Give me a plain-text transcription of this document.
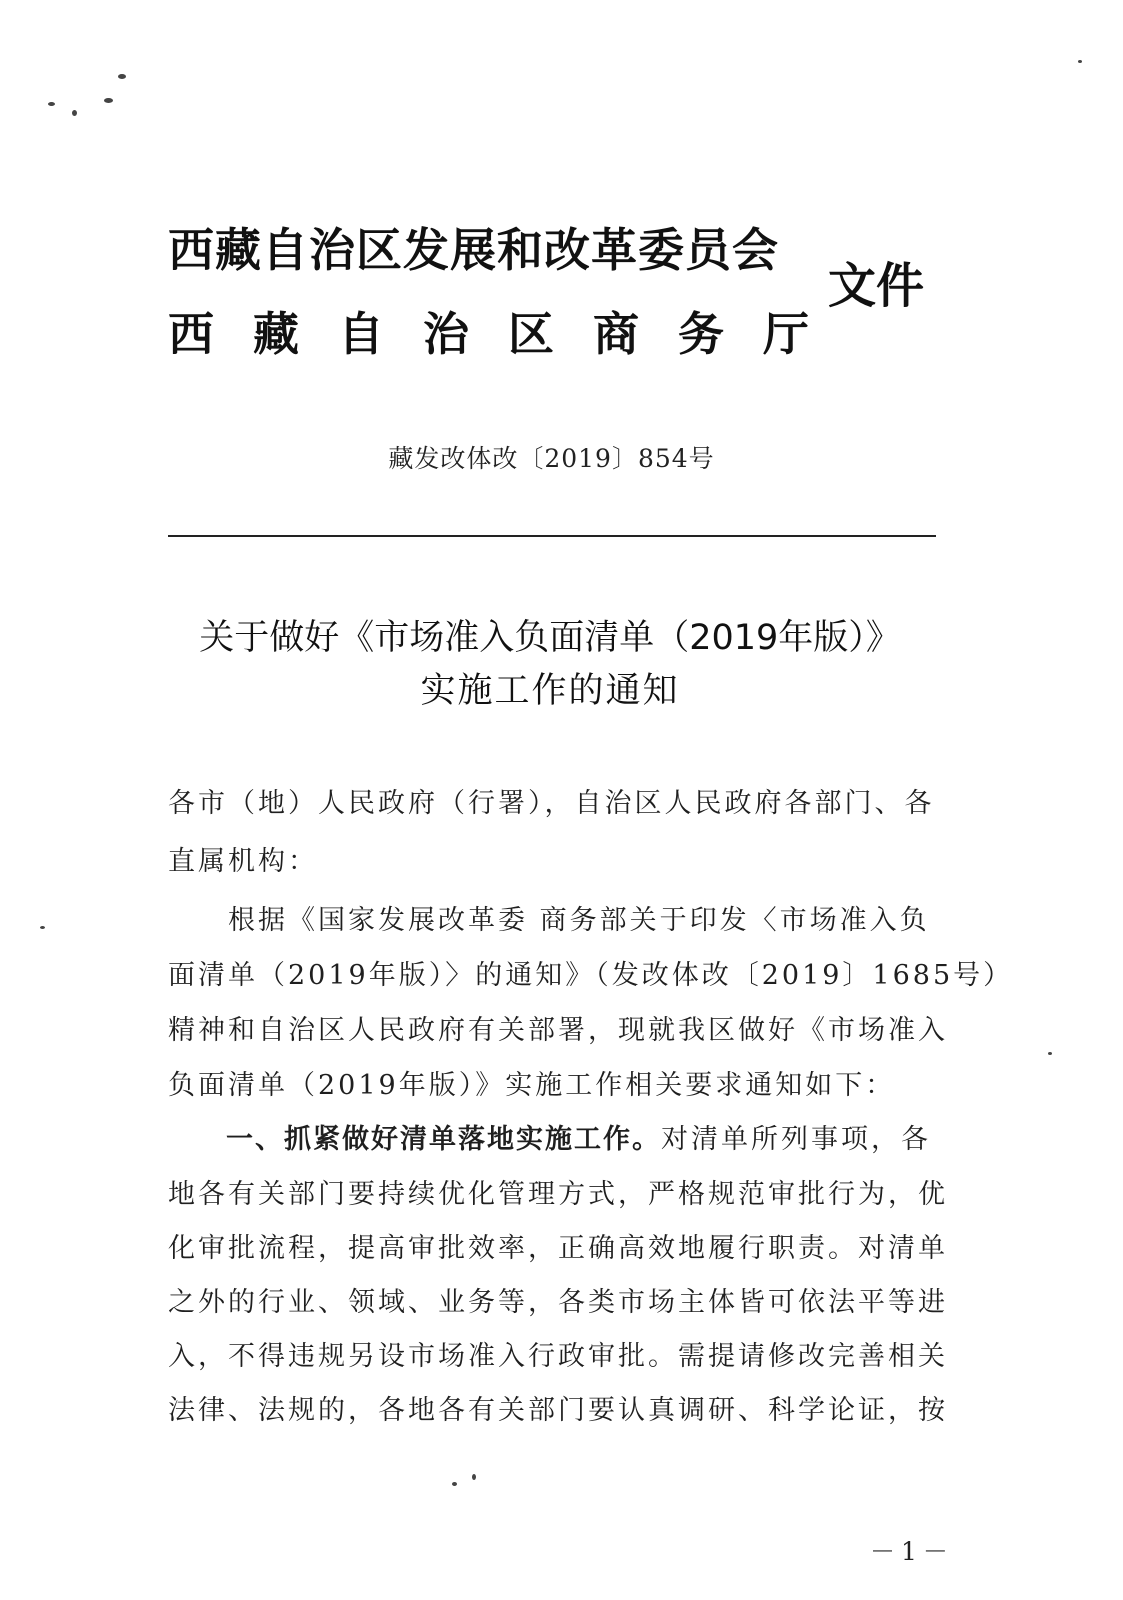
西藏自治区发展和改革委员会
西藏自治区商务厅
文件
藏发改体改〔2019〕854号
关于做好《市场准入负面清单（2019年版）》
实施工作的通知
各市（地）人民政府（行署），自治区人民政府各部门、各
直属机构：
　　根据《国家发展改革委 商务部关于印发〈市场准入负
面清单（2019年版）〉的通知》（发改体改〔2019〕1685号）
精神和自治区人民政府有关部署，现就我区做好《市场准入
负面清单（2019年版）》实施工作相关要求通知如下：
　　一、抓紧做好清单落地实施工作。对清单所列事项，各
地各有关部门要持续优化管理方式，严格规范审批行为，优
化审批流程，提高审批效率，正确高效地履行职责。对清单
之外的行业、领域、业务等，各类市场主体皆可依法平等进
入，不得违规另设市场准入行政审批。需提请修改完善相关
法律、法规的，各地各有关部门要认真调研、科学论证，按
－1－
